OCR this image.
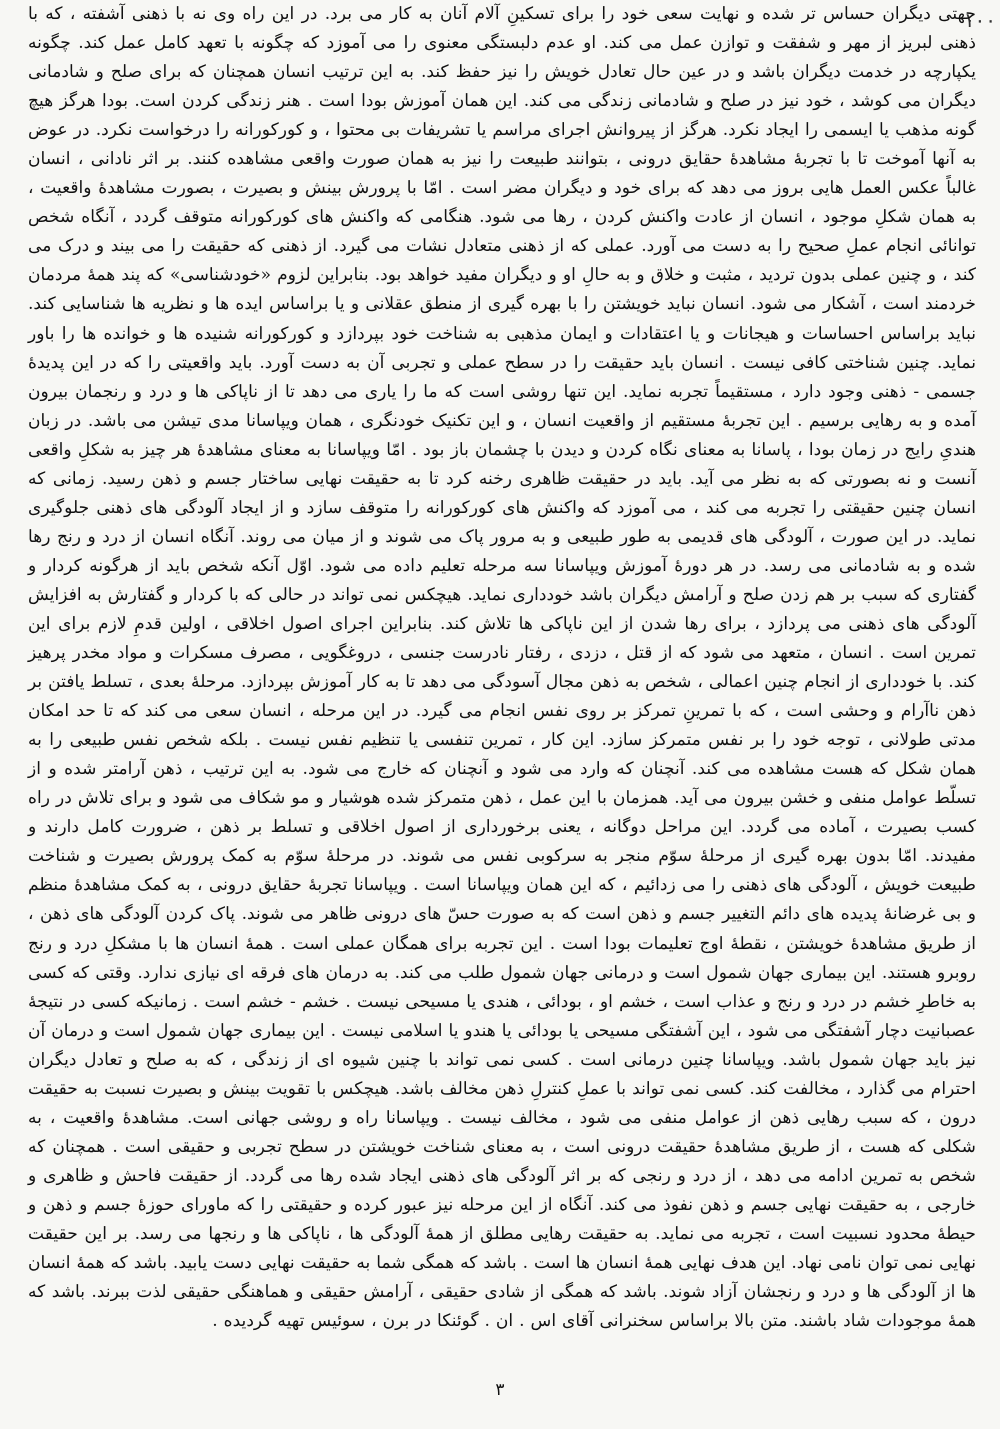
۱۰۰

جهتی دیگران حساس تر شده و نهایت سعی خود را برای تسکینِ آلام آنان به کار می برد. در این راه وی نه با ذهنی آشفته ، که با ذهنی لبریز از مهر و شفقت و توازن عمل می کند. او عدم دلبستگی معنوی را می آموزد که چگونه با تعهد کامل عمل کند. چگونه یکپارچه در خدمت دیگران باشد و در عین حال تعادل خویش را نیز حفظ کند. به این ترتیب انسان همچنان که برای صلح و شادمانی دیگران می کوشد ، خود نیز در صلح و شادمانی زندگی می کند. این همان آموزش بودا است . هنر زندگی کردن است. بودا هرگز هیچ گونه مذهب یا ایسمی را ایجاد نکرد. هرگز از پیروانش اجرای مراسم یا تشریفات بی محتوا ، و کورکورانه را درخواست نکرد. در عوض به آنها آموخت تا با تجربهٔ مشاهدهٔ حقایق درونی ، بتوانند طبیعت را نیز به همان صورت واقعی مشاهده کنند. بر اثر نادانی ، انسان غالباً عکس العمل هایی بروز می دهد که برای خود و دیگران مضر است . امّا با پرورش بینش و بصیرت ، بصورت مشاهدهٔ واقعیت ، به همان شکلِ موجود ، انسان از عادت واکنش کردن ، رها می شود. هنگامی که واکنش های کورکورانه متوقف گردد ، آنگاه شخص توانائی انجام عملِ صحیح را به دست می آورد. عملی که از ذهنی متعادل نشات می گیرد. از ذهنی که حقیقت را می بیند و درک می کند ، و چنین عملی بدون تردید ، مثبت و خلاق و به حالِ او و دیگران مفید خواهد بود. بنابراین لزوم «خودشناسی» که پند همهٔ مردمان خردمند است ، آشکار می شود. انسان نباید خویشتن را با بهره گیری از منطق عقلانی و یا براساس ایده ها و نظریه ها شناسایی کند. نباید براساس احساسات و هیجانات و یا اعتقادات و ایمان مذهبی به شناخت خود بپردازد و کورکورانه شنیده ها و خوانده ها را باور نماید. چنین شناختی کافی نیست . انسان باید حقیقت را در سطح عملی و تجربی آن به دست آورد. باید واقعیتی را که در این پدیدهٔ جسمی - ذهنی وجود دارد ، مستقیماً تجربه نماید. این تنها روشی است که ما را یاری می دهد تا از ناپاکی ها و درد و رنجمان بیرون آمده و به رهایی برسیم . این تجربهٔ مستقیم از واقعیت انسان ، و این تکنیک خودنگری ، همان ویپاسانا مدی تیشن می باشد. در زبان هندیِ رایج در زمان بودا ، پاسانا به معنای نگاه کردن و دیدن با چشمان باز بود . امّا ویپاسانا به معنای مشاهدهٔ هر چیز به شکلِ واقعی آنست و نه بصورتی که به نظر می آید. باید در حقیقت ظاهری رخنه کرد تا به حقیقت نهایی ساختار جسم و ذهن رسید. زمانی که انسان چنین حقیقتی را تجربه می کند ، می آموزد که واکنش های کورکورانه را متوقف سازد و از ایجاد آلودگی های ذهنی جلوگیری نماید. در این صورت ، آلودگی های قدیمی به طور طبیعی و به مرور پاک می شوند و از میان می روند. آنگاه انسان از درد و رنج رها شده و به شادمانی می رسد. در هر دورهٔ آموزش ویپاسانا سه مرحله تعلیم داده می شود. اوّل آنکه شخص باید از هرگونه کردار و گفتاری که سبب بر هم زدن صلح و آرامش دیگران باشد خودداری نماید. هیچکس نمی تواند در حالی که با کردار و گفتارش به افزایش آلودگی های ذهنی می پردازد ، برای رها شدن از این ناپاکی ها تلاش کند. بنابراین اجرای اصول اخلاقی ، اولین قدمِ لازم برای این تمرین است . انسان ، متعهد می شود که از قتل ، دزدی ، رفتار نادرست جنسی ، دروغگویی ، مصرف مسکرات و مواد مخدر پرهیز کند. با خودداری از انجام چنین اعمالی ، شخص به ذهن مجال آسودگی می دهد تا به کار آموزش بپردازد. مرحلهٔ بعدی ، تسلط یافتن بر ذهن ناآرام و وحشی است ، که با تمرینِ تمرکز بر روی نفس انجام می گیرد. در این مرحله ، انسان سعی می کند که تا حد امکان مدتی طولانی ، توجه خود را بر نفس متمرکز سازد. این کار ، تمرین تنفسی یا تنظیم نفس نیست . بلکه شخص نفس طبیعی را به همان شکل که هست مشاهده می کند. آنچنان که وارد می شود و آنچنان که خارج می شود. به این ترتیب ، ذهن آرامتر شده و از تسلّط عوامل منفی و خشن بیرون می آید. همزمان با این عمل ، ذهن متمرکز شده هوشیار و مو شکاف می شود و برای تلاش در راه کسب بصیرت ، آماده می گردد. این مراحل دوگانه ، یعنی برخورداری از اصول اخلاقی و تسلط بر ذهن ، ضرورت کامل دارند و مفیدند. امّا بدون بهره گیری از مرحلهٔ سوّم منجر به سرکوبی نفس می شوند. در مرحلهٔ سوّم به کمک پرورش بصیرت و شناخت طبیعت خویش ، آلودگی های ذهنی را می زدائیم ، که این همان ویپاسانا است . ویپاسانا تجربهٔ حقایق درونی ، به کمک مشاهدهٔ منظم و بی غرضانهٔ پدیده های دائم التغییر جسم و ذهن است که به صورت حسّ های درونی ظاهر می شوند. پاک کردن آلودگی های ذهن ، از طریق مشاهدهٔ خویشتن ، نقطهٔ اوج تعلیمات بودا است . این تجربه برای همگان عملی است . همهٔ انسان ها با مشکلِ درد و رنج روبرو هستند. این بیماری جهان شمول است و درمانی جهان شمول طلب می کند. به درمان های فرقه ای نیازی ندارد. وقتی که کسی به خاطرِ خشم در درد و رنج و عذاب است ، خشم او ، بودائی ، هندی یا مسیحی نیست . خشم - خشم است . زمانیکه کسی در نتیجهٔ عصبانیت دچار آشفتگی می شود ، این آشفتگی مسیحی یا بودائی یا هندو یا اسلامی نیست . این بیماری جهان شمول است و درمان آن نیز باید جهان شمول باشد. ویپاسانا چنین درمانی است . کسی نمی تواند با چنین شیوه ای از زندگی ، که به صلح و تعادل دیگران احترام می گذارد ، مخالفت کند. کسی نمی تواند با عملِ کنترلِ ذهن مخالف باشد. هیچکس با تقویت بینش و بصیرت نسبت به حقیقت درون ، که سبب رهایی ذهن از عوامل منفی می شود ، مخالف نیست . ویپاسانا راه و روشی جهانی است. مشاهدهٔ واقعیت ، به شکلی که هست ، از طریق مشاهدهٔ حقیقت درونی است ، به معنای شناخت خویشتن در سطح تجربی و حقیقی است . همچنان که شخص به تمرین ادامه می دهد ، از درد و رنجی که بر اثر آلودگی های ذهنی ایجاد شده رها می گردد. از حقیقت فاحش و ظاهری و خارجی ، به حقیقت نهایی جسم و ذهن نفوذ می کند. آنگاه از این مرحله نیز عبور کرده و حقیقتی را که ماورای حوزهٔ جسم و ذهن و حیطهٔ محدود نسبیت است ، تجربه می نماید. به حقیقت رهایی مطلق از همهٔ آلودگی ها ، ناپاکی ها و رنجها می رسد. بر این حقیقت نهایی نمی توان نامی نهاد. این هدف نهایی همهٔ انسان ها است . باشد که همگی شما به حقیقت نهایی دست یابید. باشد که همهٔ انسان ها از آلودگی ها و درد و رنجشان آزاد شوند. باشد که همگی از شادی حقیقی ، آرامش حقیقی و هماهنگی حقیقی لذت ببرند. باشد که همهٔ موجودات شاد باشند. متن بالا براساس سخنرانی آقای اس . ان . گوئنکا در برن ، سوئیس تهیه گردیده .

۳
